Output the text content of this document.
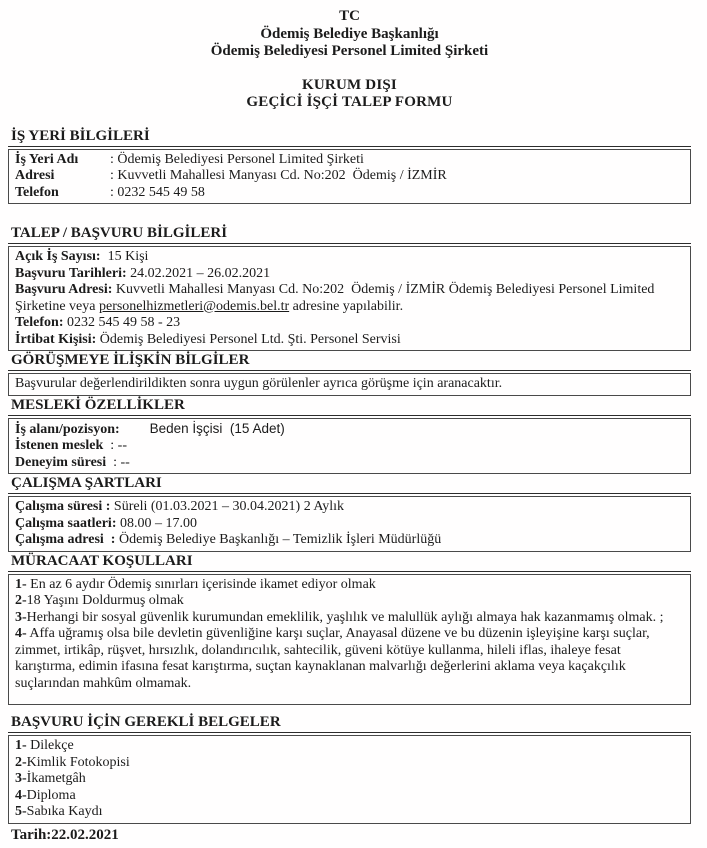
TC
Ödemiş Belediye Başkanlığı
Ödemiş Belediyesi Personel Limited Şirketi
KURUM DIŞI
GEÇİCİ İŞÇİ TALEP FORMU
İŞ YERİ BİLGİLERİ
İş Yeri Adı	: Ödemiş Belediyesi Personel Limited Şirketi
Adresi	: Kuvvetli Mahallesi Manyası Cd. No:202  Ödemiş / İZMİR
Telefon	: 0232 545 49 58
TALEP / BAŞVURU BİLGİLERİ

Açık İş Sayısı:  15 Kişi

Başvuru Tarihleri: 24.02.2021 – 26.02.2021

Başvuru Adresi: Kuvvetli Mahallesi Manyası Cd. No:202  Ödemiş / İZMİR Ödemiş Belediyesi Personel Limited Şirketine veya personelhizmetleri@odemis.bel.tr adresine yapılabilir.

Telefon: 0232 545 49 58 - 23

İrtibat Kişisi: Ödemiş Belediyesi Personel Ltd. Şti. Personel Servisi

GÖRÜŞMEYE İLİŞKİN BİLGİLER

Başvurular değerlendirildikten sonra uygun görülenler ayrıca görüşme için aranacaktır.

MESLEKİ ÖZELLİKLER

İş alanı/pozisyon: Beden İşçisi  (15 Adet)

İstenen meslek  : --

Deneyim süresi  : --

ÇALIŞMA ŞARTLARI

Çalışma süresi : Süreli (01.03.2021 – 30.04.2021) 2 Aylık

Çalışma saatleri: 08.00 – 17.00

Çalışma adresi  : Ödemiş Belediye Başkanlığı – Temizlik İşleri Müdürlüğü

MÜRACAAT KOŞULLARI

1- En az 6 aydır Ödemiş sınırları içerisinde ikamet ediyor olmak

2-18 Yaşını Doldurmuş olmak

3-Herhangi bir sosyal güvenlik kurumundan emeklilik, yaşlılık ve malullük aylığı almaya hak kazanmamış olmak. ;

4- Affa uğramış olsa bile devletin güvenliğine karşı suçlar, Anayasal düzene ve bu düzenin işleyişine karşı suçlar, zimmet, irtikâp, rüşvet, hırsızlık, dolandırıcılık, sahtecilik, güveni kötüye kullanma, hileli iflas, ihaleye fesat karıştırma, edimin ifasına fesat karıştırma, suçtan kaynaklanan malvarlığı değerlerini aklama veya kaçakçılık suçlarından mahkûm olmamak.

BAŞVURU İÇİN GEREKLİ BELGELER

1- Dilekçe

2-Kimlik Fotokopisi

3-İkametgâh

4-Diploma

5-Sabıka Kaydı

Tarih:22.02.2021
